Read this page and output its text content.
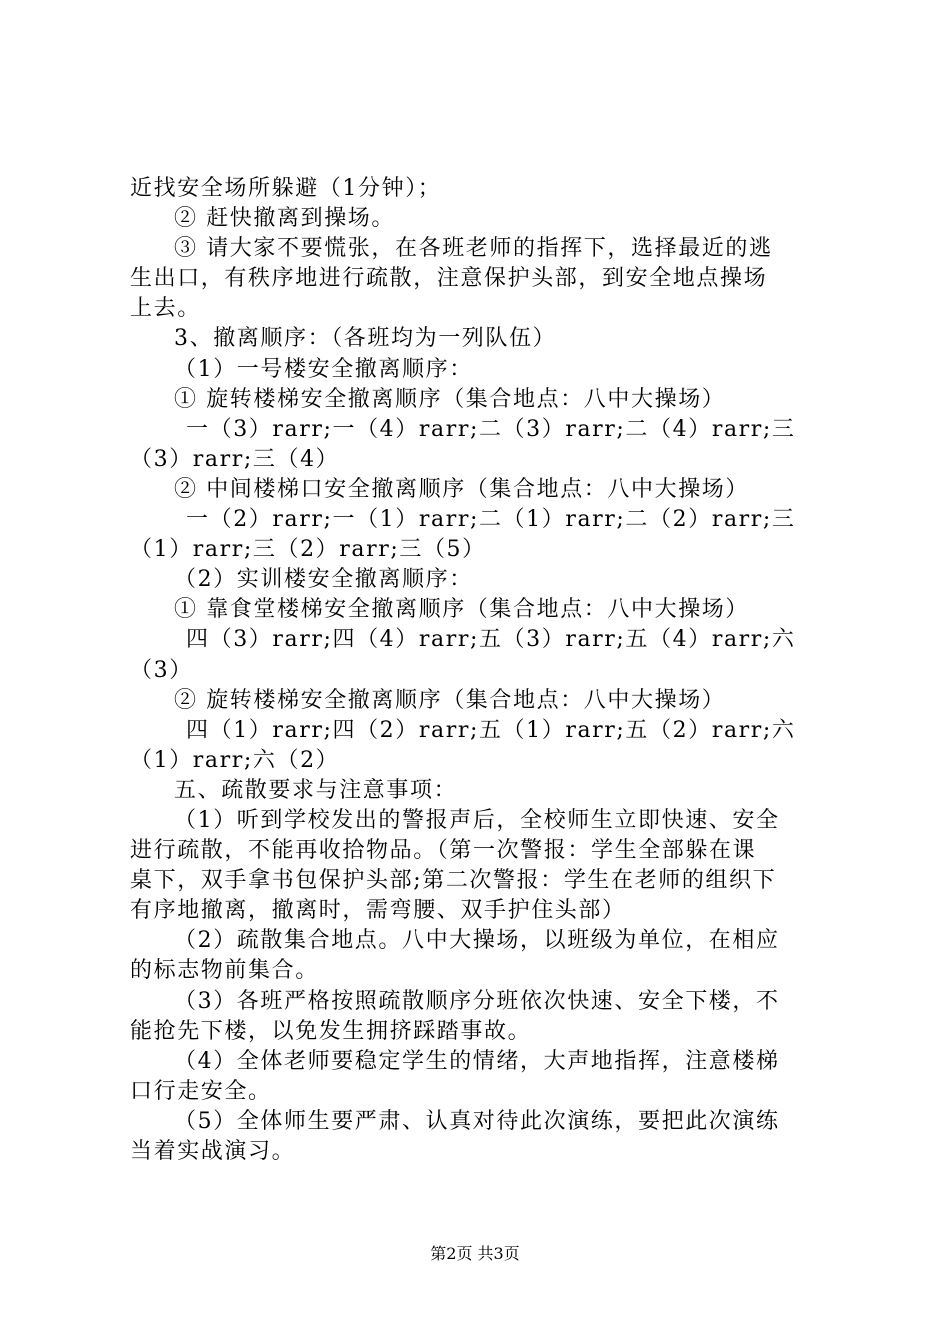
近找安全场所躲避（1分钟）；
② 赶快撤离到操场。
③ 请大家不要慌张，在各班老师的指挥下，选择最近的逃
生出口，有秩序地进行疏散，注意保护头部，到安全地点操场
上去。
3、撤离顺序：（各班均为一列队伍）
（1）一号楼安全撤离顺序：
① 旋转楼梯安全撤离顺序（集合地点：八中大操场）
一（3）rarr;一（4）rarr;二（3）rarr;二（4）rarr;三
（3）rarr;三（4）
② 中间楼梯口安全撤离顺序（集合地点：八中大操场）
一（2）rarr;一（1）rarr;二（1）rarr;二（2）rarr;三
（1）rarr;三（2）rarr;三（5）
（2）实训楼安全撤离顺序：
① 靠食堂楼梯安全撤离顺序（集合地点：八中大操场）
四（3）rarr;四（4）rarr;五（3）rarr;五（4）rarr;六
（3）
② 旋转楼梯安全撤离顺序（集合地点：八中大操场）
四（1）rarr;四（2）rarr;五（1）rarr;五（2）rarr;六
（1）rarr;六（2）
五、疏散要求与注意事项：
（1）听到学校发出的警报声后，全校师生立即快速、安全
进行疏散，不能再收拾物品。（第一次警报：学生全部躲在课
桌下，双手拿书包保护头部;第二次警报：学生在老师的组织下
有序地撤离，撤离时，需弯腰、双手护住头部）
（2）疏散集合地点。八中大操场，以班级为单位，在相应
的标志物前集合。
（3）各班严格按照疏散顺序分班依次快速、安全下楼，不
能抢先下楼，以免发生拥挤踩踏事故。
（4）全体老师要稳定学生的情绪，大声地指挥，注意楼梯
口行走安全。
（5）全体师生要严肃、认真对待此次演练，要把此次演练
当着实战演习。
第2页 共3页
